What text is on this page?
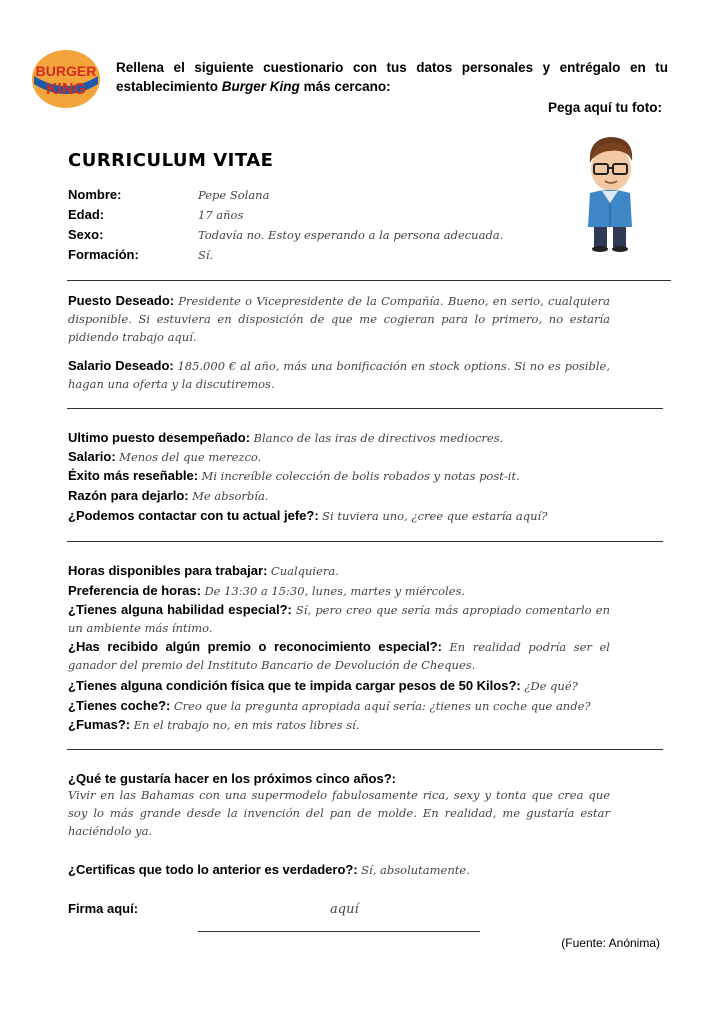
BURGER
KING
Rellena el siguiente cuestionario con tus datos personales y entrégalo en tu establecimiento Burger King más cercano:
Pega aquí tu foto:
CURRICULUM VITAE
Nombre:	Pepe Solana
Edad:	17 años
Sexo:	Todavía no. Estoy esperando a la persona adecuada.
Formación:	Sí.
Puesto Deseado: Presidente o Vicepresidente de la Compañía. Bueno, en serio, cualquiera disponible. Si estuviera en disposición de que me cogieran para lo primero, no estaría pidiendo trabajo aquí.
Salario Deseado: 185.000 € al año, más una bonificación en stock options. Si no es posible, hagan una oferta y la discutiremos.
Ultimo puesto desempeñado: Blanco de las iras de directivos mediocres.
Salario: Menos del que merezco.
Éxito más reseñable: Mi increíble colección de bolis robados y notas post-it.
Razón para dejarlo: Me absorbía.
¿Podemos contactar con tu actual jefe?: Si tuviera uno, ¿cree que estaría aquí?
Horas disponibles para trabajar: Cualquiera.
Preferencia de horas: De 13:30 a 15:30, lunes, martes y miércoles.
¿Tienes alguna habilidad especial?: Sí, pero creo que sería más apropiado comentarlo en un ambiente más íntimo.
¿Has recibido algún premio o reconocimiento especial?: En realidad podría ser el ganador del premio del Instituto Bancario de Devolución de Cheques.
¿Tienes alguna condición física que te impida cargar pesos de 50 Kilos?: ¿De qué?
¿Tienes coche?: Creo que la pregunta apropiada aquí sería: ¿tienes un coche que ande?
¿Fumas?: En el trabajo no, en mis ratos libres sí.
¿Qué te gustaría hacer en los próximos cinco años?:
Vivir en las Bahamas con una supermodelo fabulosamente rica, sexy y tonta que crea que soy lo más grande desde la invención del pan de molde. En realidad, me gustaría estar haciéndolo ya.
¿Certificas que todo lo anterior es verdadero?: Sí, absolutamente.
Firma aquí:	aquí
(Fuente: Anónima)
